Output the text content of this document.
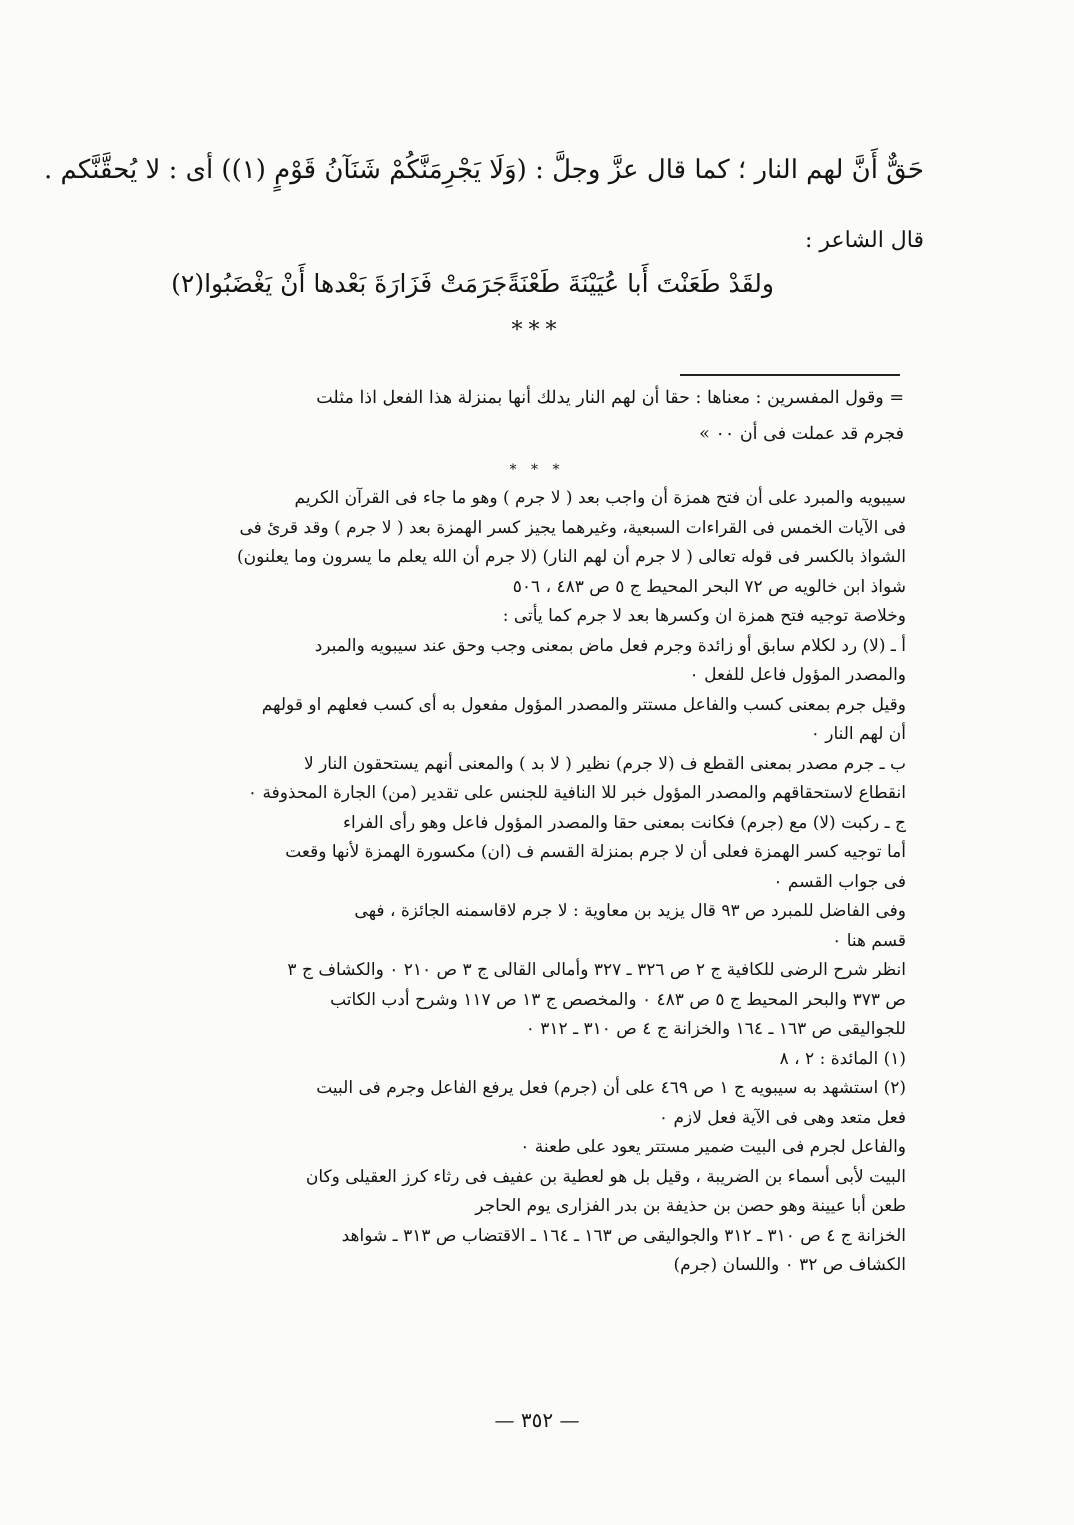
حَقٌّ أَنَّ لهم النار ؛ كما قال عزَّ وجلَّ : (وَلَا يَجْرِمَنَّكُمْ شَنَآنُ قَوْمٍ (١)) أى : لا يُحقَّنَّكم .
قال الشاعر :
ولقَدْ طَعَنْتَ أَبا عُيَيْنَةَ طَعْنَةً
جَرَمَتْ فَزَارَةَ بَعْدها أَنْ يَغْضَبُوا(٢)
***
= وقول المفسرين : معناها : حقا أن لهم النار يدلك أنها بمنزلة هذا الفعل اذا مثلت
فجرم قد عملت فى أن ٠٠ »
* * *

سيبويه والمبرد على أن فتح همزة أن واجب بعد ( لا جرم ) وهو ما جاء فى القرآن الكريم

فى الآيات الخمس فى القراءات السبعية، وغيرهما يجيز كسر الهمزة بعد ( لا جرم ) وقد قرئ فى

الشواذ بالكسر فى قوله تعالى ( لا جرم أن لهم النار) (لا جرم أن الله يعلم ما يسرون وما يعلنون)

شواذ ابن خالويه ص ٧٢ البحر المحيط ج ٥ ص ٤٨٣ ، ٥٠٦

وخلاصة توجيه فتح همزة ان وكسرها بعد لا جرم كما يأتى :

أ ـ (لا) رد لكلام سابق أو زائدة وجرم فعل ماض بمعنى وجب وحق عند سيبويه والمبرد

والمصدر المؤول فاعل للفعل ٠

وقيل جرم بمعنى كسب والفاعل مستتر والمصدر المؤول مفعول به أى كسب فعلهم او قولهم

أن لهم النار ٠

ب ـ جرم مصدر بمعنى القطع ف (لا جرم) نظير ( لا بد ) والمعنى أنهم يستحقون النار لا

انقطاع لاستحقاقهم والمصدر المؤول خبر للا النافية للجنس على تقدير (من) الجارة المحذوفة ٠

ج ـ ركبت (لا) مع (جرم) فكانت بمعنى حقا والمصدر المؤول فاعل وهو رأى الفراء

أما توجيه كسر الهمزة فعلى أن لا جرم بمنزلة القسم ف (ان) مكسورة الهمزة لأنها وقعت

فى جواب القسم ٠

وفى الفاضل للمبرد ص ٩٣ قال يزيد بن معاوية : لا جرم لاقاسمنه الجائزة ، فهى

قسم هنا ٠

انظر شرح الرضى للكافية ج ٢ ص ٣٢٦ ـ ٣٢٧ وأمالى القالى ج ٣ ص ٢١٠ ٠ والكشاف ج ٣

ص ٣٧٣ والبحر المحيط ج ٥ ص ٤٨٣ ٠ والمخصص ج ١٣ ص ١١٧ وشرح أدب الكاتب

للجواليقى ص ١٦٣ ـ ١٦٤ والخزانة ج ٤ ص ٣١٠ ـ ٣١٢ ٠

(١) المائدة : ٢ ، ٨

(٢) استشهد به سيبويه ج ١ ص ٤٦٩ على أن (جرم) فعل يرفع الفاعل وجرم فى البيت

فعل متعد وهى فى الآية فعل لازم ٠

والفاعل لجرم فى البيت ضمير مستتر يعود على طعنة ٠

البيت لأبى أسماء بن الضريبة ، وقيل بل هو لعطية بن عفيف فى رثاء كرز العقيلى وكان

طعن أبا عيينة وهو حصن بن حذيفة بن بدر الفزارى يوم الحاجر

الخزانة ج ٤ ص ٣١٠ ـ ٣١٢ والجواليقى ص ١٦٣ ـ ١٦٤ ـ الاقتضاب ص ٣١٣ ـ شواهد

الكشاف ص ٣٢ ٠ واللسان (جرم)

— ٣٥٢ —
